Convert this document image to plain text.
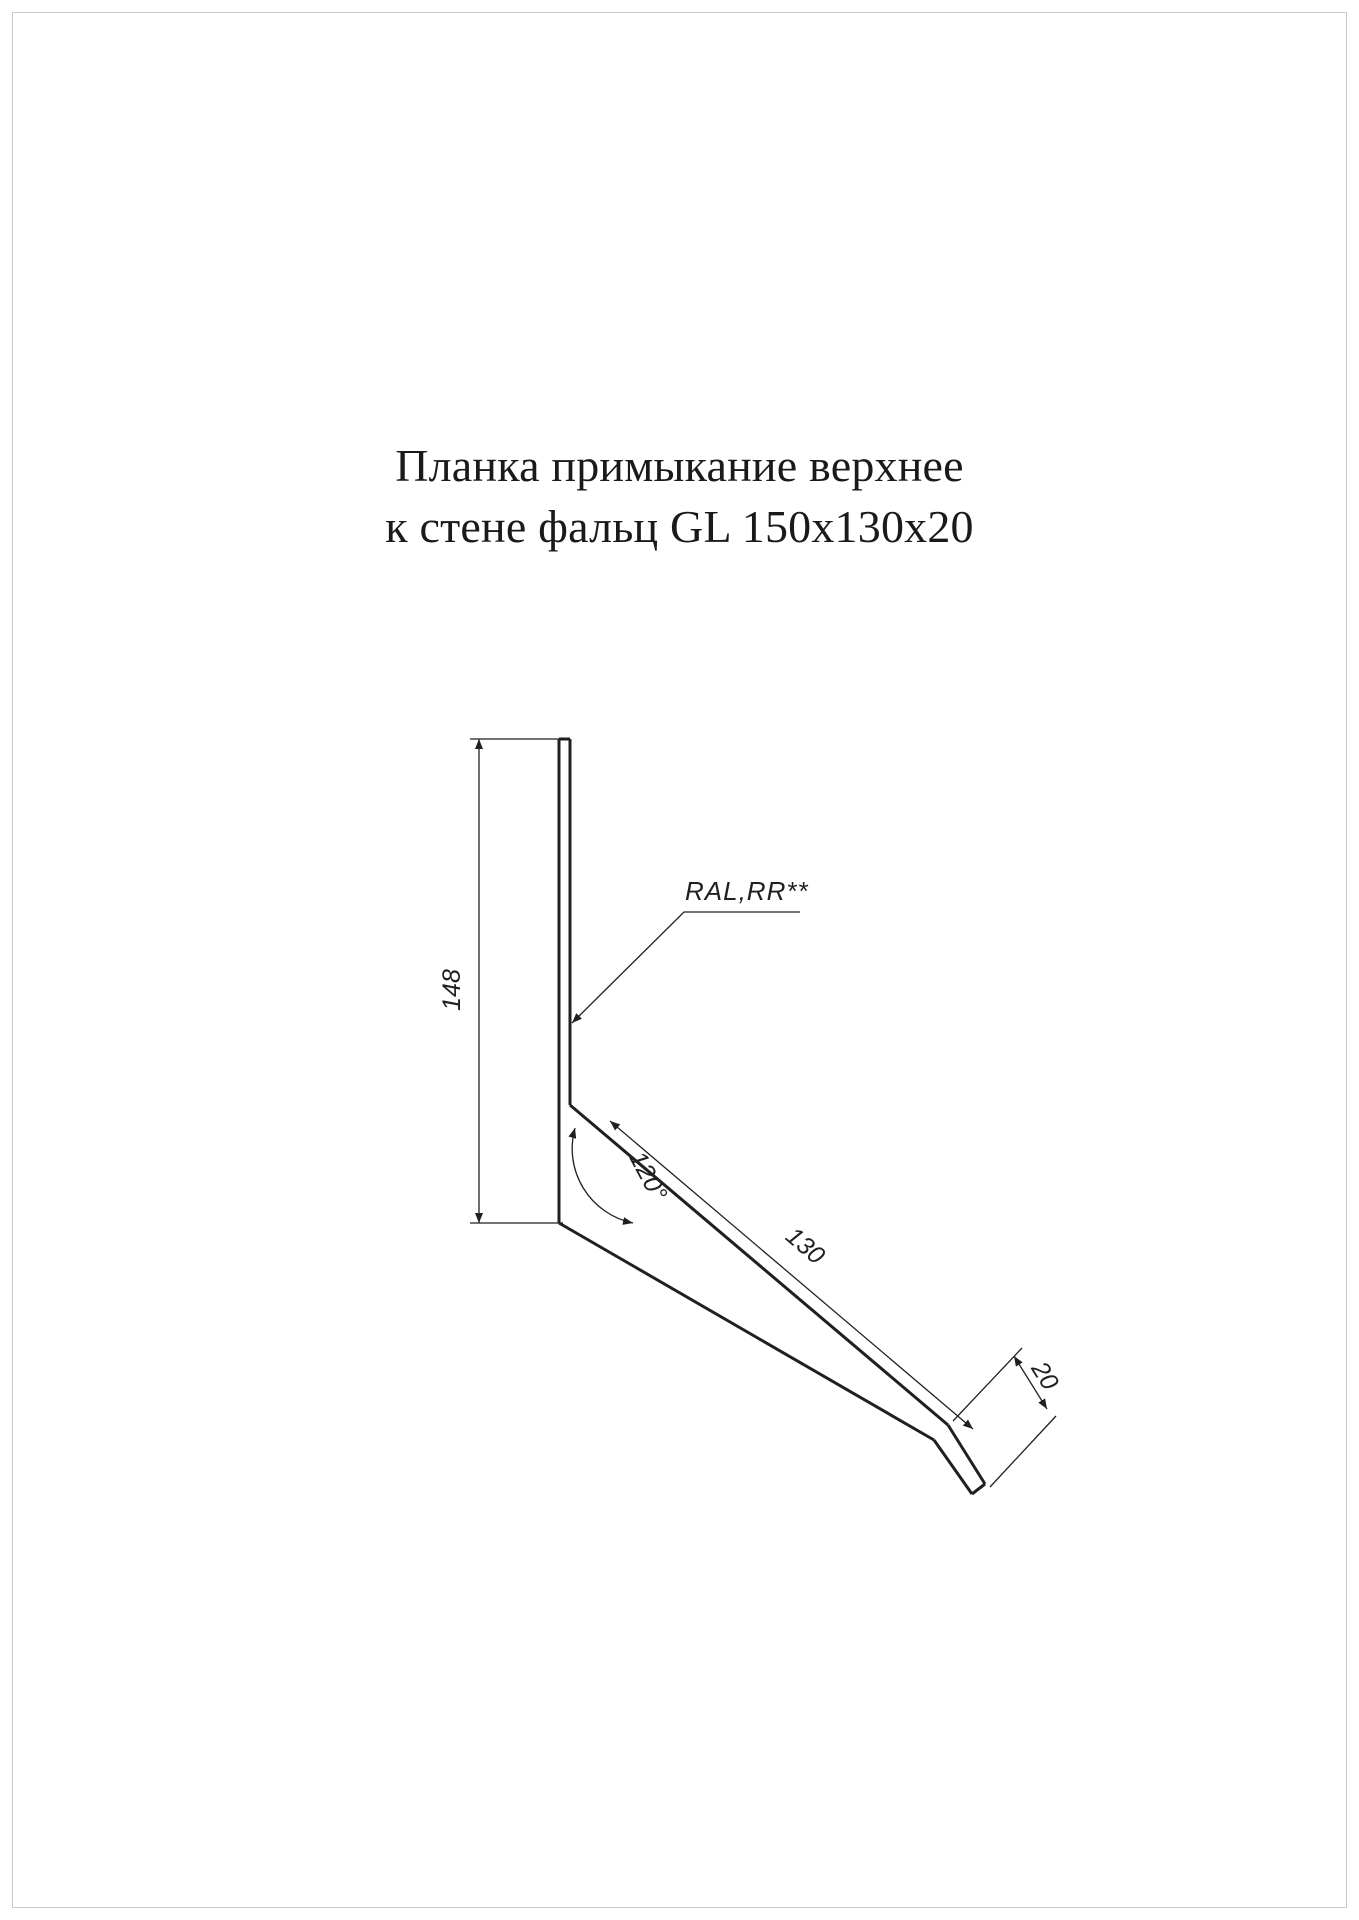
Планка примыкание верхнее
к стене фальц GL 150x130x20
148
130
20
120°
RAL,RR**
